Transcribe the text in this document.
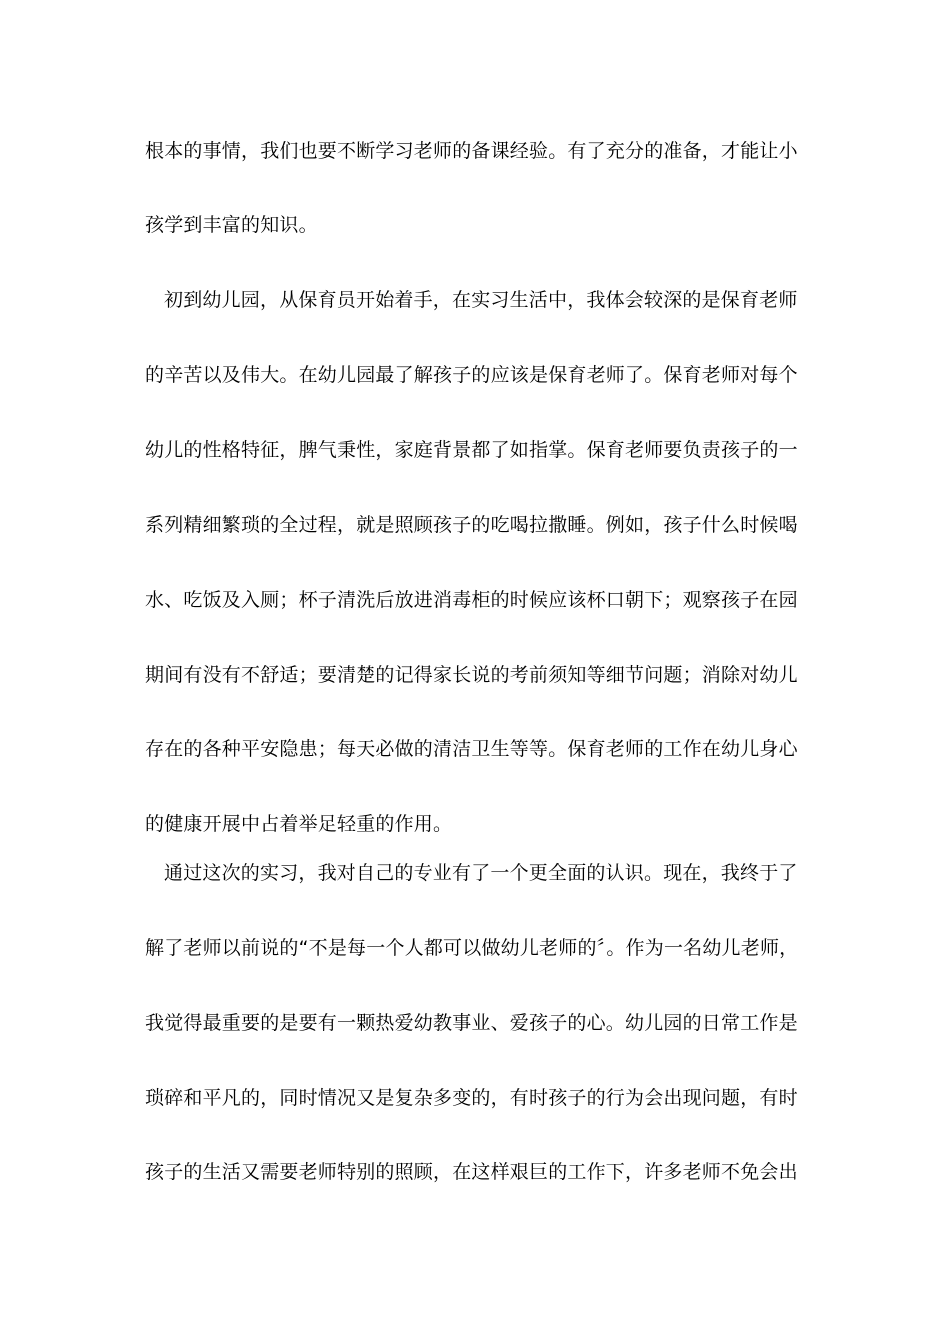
根本的事情，我们也要不断学习老师的备课经验。有了充分的准备，才能让小
孩学到丰富的知识。
初到幼儿园，从保育员开始着手，在实习生活中，我体会较深的是保育老师
的辛苦以及伟大。在幼儿园最了解孩子的应该是保育老师了。保育老师对每个
幼儿的性格特征，脾气秉性，家庭背景都了如指掌。保育老师要负责孩子的一
系列精细繁琐的全过程，就是照顾孩子的吃喝拉撒睡。例如，孩子什么时候喝
水、吃饭及入厕；杯子清洗后放进消毒柜的时候应该杯口朝下；观察孩子在园
期间有没有不舒适；要清楚的记得家长说的考前须知等细节问题；消除对幼儿
存在的各种平安隐患；每天必做的清洁卫生等等。保育老师的工作在幼儿身心
的健康开展中占着举足轻重的作用。
通过这次的实习，我对自己的专业有了一个更全面的认识。现在，我终于了
解了老师以前说的“不是每一个人都可以做幼儿老师的〞。作为一名幼儿老师，
我觉得最重要的是要有一颗热爱幼教事业、爱孩子的心。幼儿园的日常工作是
琐碎和平凡的，同时情况又是复杂多变的，有时孩子的行为会出现问题，有时
孩子的生活又需要老师特别的照顾，在这样艰巨的工作下，许多老师不免会出
